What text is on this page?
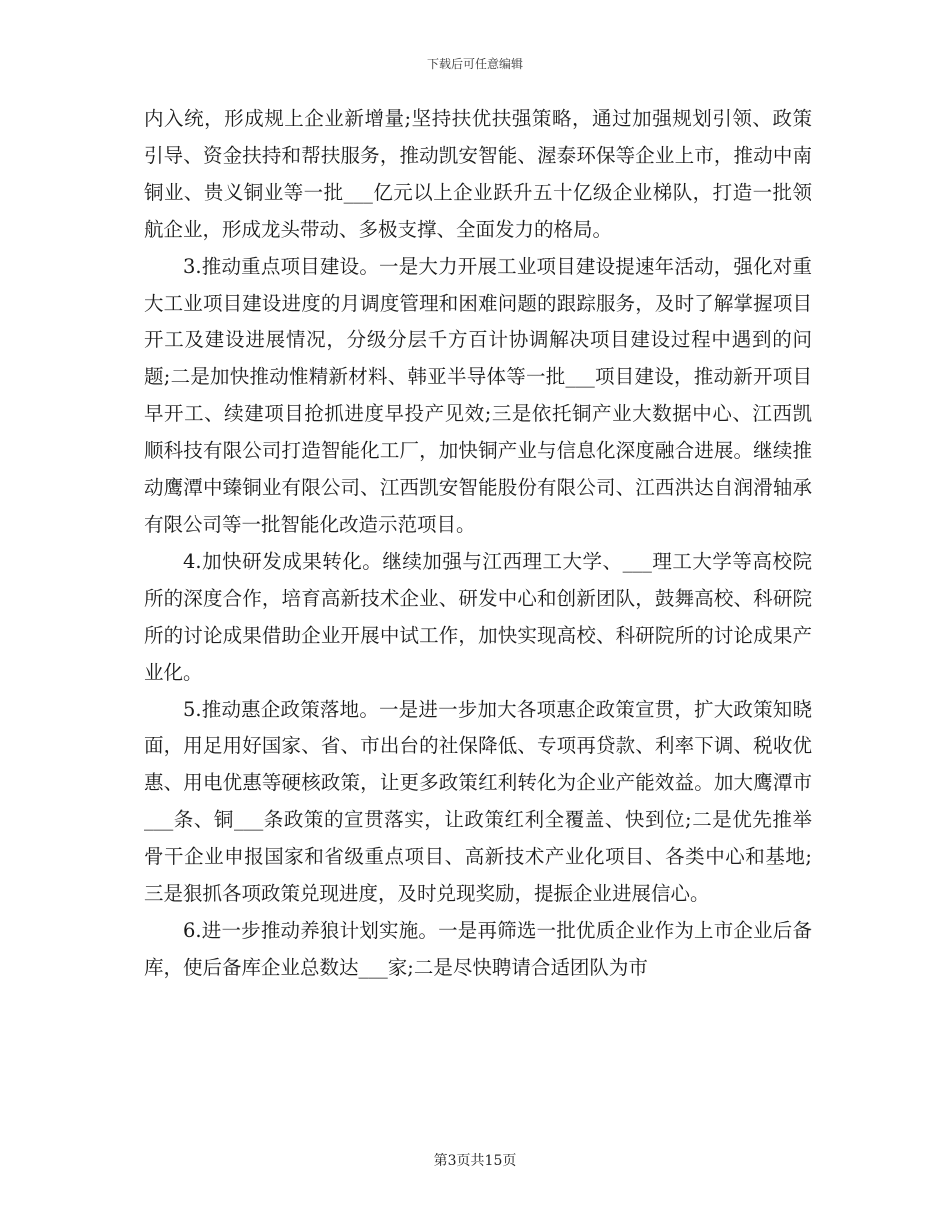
下载后可任意编辑

内入统，形成规上企业新增量;坚持扶优扶强策略，通过加强规划引领、政策引导、资金扶持和帮扶服务，推动凯安智能、渥泰环保等企业上市，推动中南铜业、贵义铜业等一批___亿元以上企业跃升五十亿级企业梯队，打造一批领航企业，形成龙头带动、多极支撑、全面发力的格局。

3.推动重点项目建设。一是大力开展工业项目建设提速年活动，强化对重大工业项目建设进度的月调度管理和困难问题的跟踪服务，及时了解掌握项目开工及建设进展情况，分级分层千方百计协调解决项目建设过程中遇到的问题;二是加快推动惟精新材料、韩亚半导体等一批___项目建设，推动新开项目早开工、续建项目抢抓进度早投产见效;三是依托铜产业大数据中心、江西凯顺科技有限公司打造智能化工厂，加快铜产业与信息化深度融合进展。继续推动鹰潭中臻铜业有限公司、江西凯安智能股份有限公司、江西洪达自润滑轴承有限公司等一批智能化改造示范项目。

4.加快研发成果转化。继续加强与江西理工大学、___理工大学等高校院所的深度合作，培育高新技术企业、研发中心和创新团队，鼓舞高校、科研院所的讨论成果借助企业开展中试工作，加快实现高校、科研院所的讨论成果产业化。

5.推动惠企政策落地。一是进一步加大各项惠企政策宣贯，扩大政策知晓面，用足用好国家、省、市出台的社保降低、专项再贷款、利率下调、税收优惠、用电优惠等硬核政策，让更多政策红利转化为企业产能效益。加大鹰潭市___条、铜___条政策的宣贯落实，让政策红利全覆盖、快到位;二是优先推举骨干企业申报国家和省级重点项目、高新技术产业化项目、各类中心和基地;三是狠抓各项政策兑现进度，及时兑现奖励，提振企业进展信心。

6.进一步推动养狼计划实施。一是再筛选一批优质企业作为上市企业后备库，使后备库企业总数达___家;二是尽快聘请合适团队为市

第3页共15页
